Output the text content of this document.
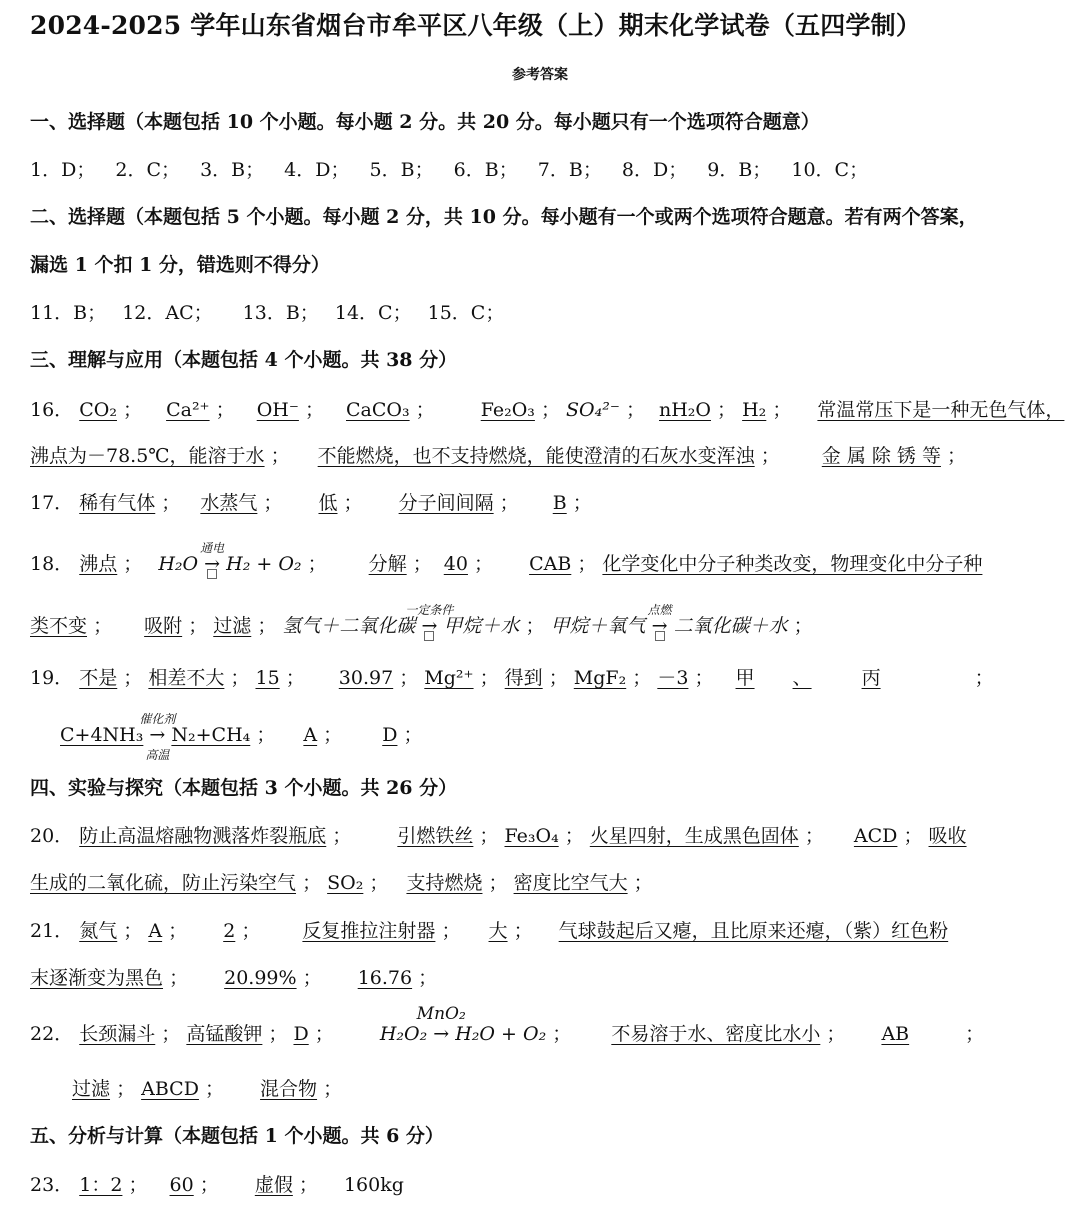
2024-2025 学年山东省烟台市牟平区八年级（上）期末化学试卷（五四学制）
参考答案
一、选择题（本题包括 10 个小题。每小题 2 分。共 20 分。每小题只有一个选项符合题意）
1．D； 2．C； 3．B； 4．D； 5．B； 6．B； 7．B； 8．D； 9．B； 10．C；
二、选择题（本题包括 5 个小题。每小题 2 分，共 10 分。每小题有一个或两个选项符合题意。若有两个答案，
漏选 1 个扣 1 分，错选则不得分）
11．B； 12．AC； 13．B； 14．C； 15．C；
三、理解与应用（本题包括 4 个小题。共 38 分）
16． CO₂ ； Ca²⁺ ； OH⁻ ； CaCO₃ ； Fe₂O₃ ； SO₄²⁻ ； nH₂O ； H₂ ； 常温常压下是一种无色气体，
沸点为－78.5℃，能溶于水 ； 不能燃烧，也不支持燃烧，能使澄清的石灰水变浑浊 ； 金 属 除 锈 等 ；
17． 稀有气体 ； 水蒸气 ； 低 ； 分子间间隔 ； B ；
18． 沸点 ； H₂O →
通电
H₂ + O₂ ； 分解 ； 40 ； CAB ； 化学变化中分子种类改变，物理变化中分子种
类不变 ； 吸附 ； 过滤 ； 氢气＋二氧化碳 →
一定条件
甲烷＋水 ； 甲烷＋氧气 →
点燃
二氧化碳＋水 ；
19． 不是 ； 相差不大 ； 15 ； 30.97 ； Mg²⁺ ； 得到 ； MgF₂ ； －3 ； 甲 、	丙	；
C+4NH₃ →
催化剂
高温
N₂+CH₄ ； A ； D ；
四、实验与探究（本题包括 3 个小题。共 26 分）
20． 防止高温熔融物溅落炸裂瓶底 ； 引燃铁丝 ； Fe₃O₄ ； 火星四射，生成黑色固体 ； ACD ； 吸收
生成的二氧化硫，防止污染空气 ； SO₂ ； 支持燃烧 ； 密度比空气大 ；
21． 氮气 ； A ； 2 ； 反复推拉注射器 ； 大 ； 气球鼓起后又瘪，且比原来还瘪，（紫）红色粉
末逐渐变为黑色 ； 20.99% ； 16.76 ；
22． 长颈漏斗 ； 高锰酸钾 ； D ； H₂O₂ →
MnO₂
H₂O + O₂ ； 不易溶于水、密度比水小 ； AB	；
过滤 ； ABCD ； 混合物 ；
五、分析与计算（本题包括 1 个小题。共 6 分）
23． 1：2 ； 60 ； 虚假 ； 160kg
